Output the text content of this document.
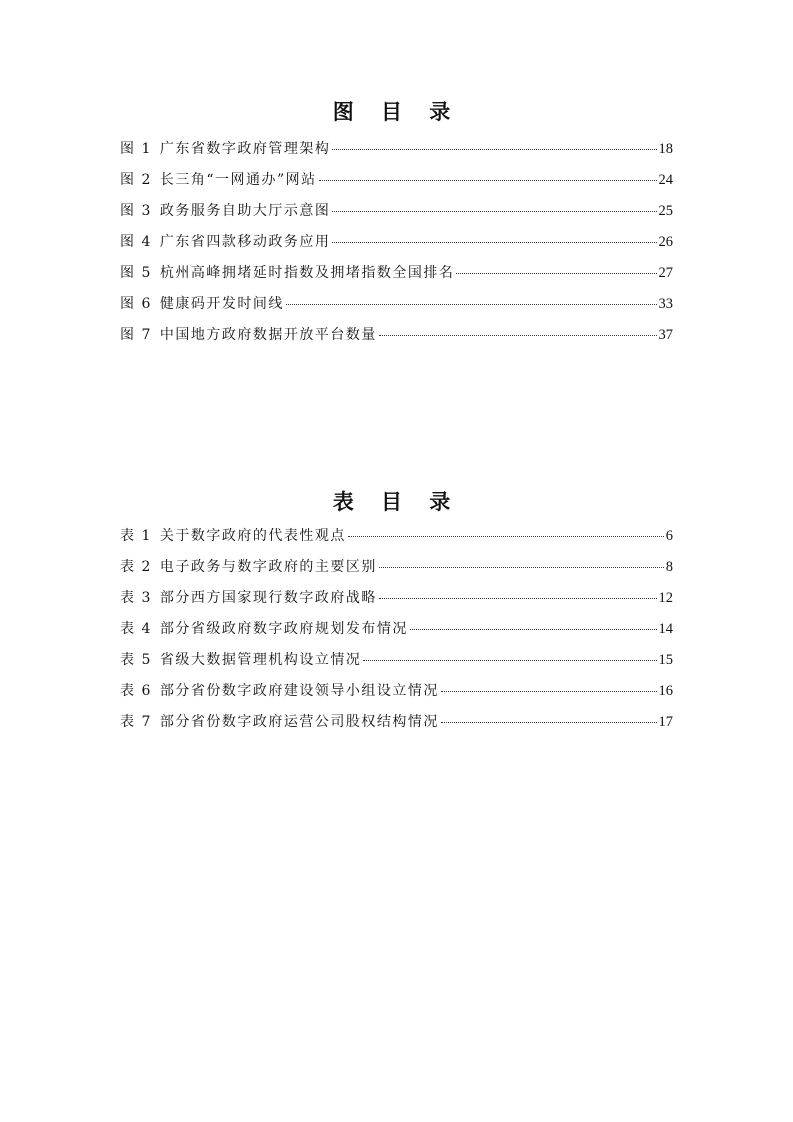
图 目 录
图 1 广东省数字政府管理架构	18
图 2 长三角“一网通办”网站	24
图 3 政务服务自助大厅示意图	25
图 4 广东省四款移动政务应用	26
图 5 杭州高峰拥堵延时指数及拥堵指数全国排名	27
图 6 健康码开发时间线	33
图 7 中国地方政府数据开放平台数量	37
表 目 录
表 1 关于数字政府的代表性观点	6
表 2 电子政务与数字政府的主要区别	8
表 3 部分西方国家现行数字政府战略	12
表 4 部分省级政府数字政府规划发布情况	14
表 5 省级大数据管理机构设立情况	15
表 6 部分省份数字政府建设领导小组设立情况	16
表 7 部分省份数字政府运营公司股权结构情况	17
